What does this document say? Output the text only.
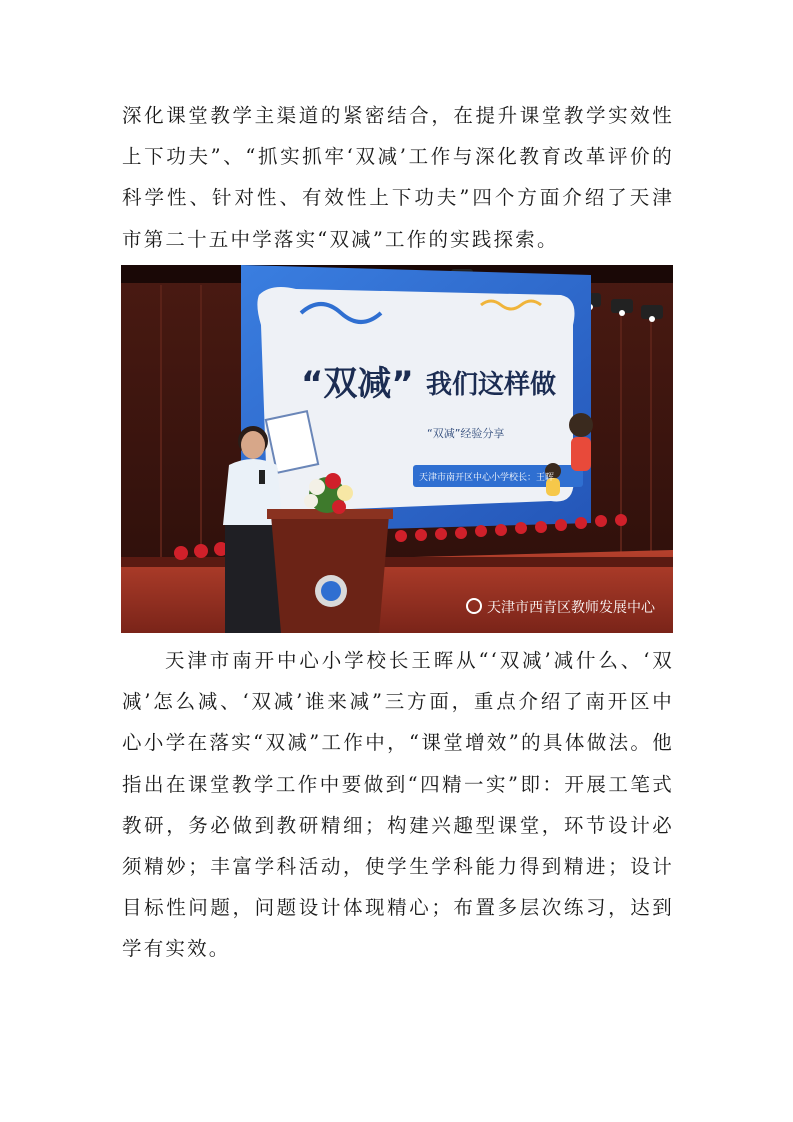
深化课堂教学主渠道的紧密结合，在提升课堂教学实效性上下功夫”、“抓实抓牢‘双减’工作与深化教育改革评价的科学性、针对性、有效性上下功夫”四个方面介绍了天津市第二十五中学落实“双减”工作的实践探索。

“双减” 我们这样做
“双减”经验分享
天津市南开区中心小学校长：王晖
天津市西青区教师发展中心

天津市南开中心小学校长王晖从“‘双减’减什么、‘双减’怎么减、‘双减’谁来减”三方面，重点介绍了南开区中心小学在落实“双减”工作中，“课堂增效”的具体做法。他指出在课堂教学工作中要做到“四精一实”即：开展工笔式教研，务必做到教研精细；构建兴趣型课堂，环节设计必须精妙；丰富学科活动，使学生学科能力得到精进；设计目标性问题，问题设计体现精心；布置多层次练习，达到学有实效。
